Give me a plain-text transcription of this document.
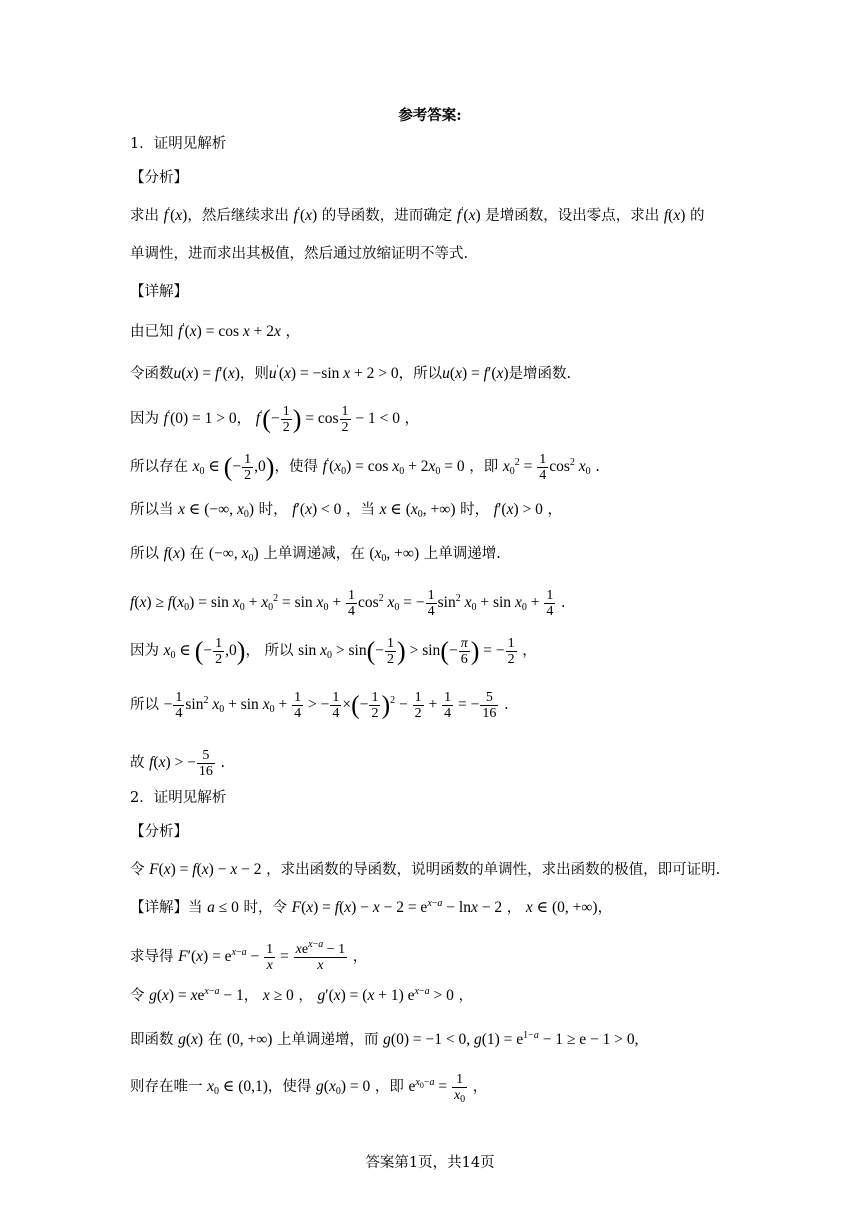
参考答案:
1．证明见解析
【分析】
求出 f′(x)，然后继续求出 f′(x) 的导函数，进而确定 f′(x) 是增函数，设出零点，求出 f(x) 的
单调性，进而求出其极值，然后通过放缩证明不等式.
【详解】
由已知 f′(x) = cos x + 2x ，
令函数u(x) = f′(x)，则u′(x) = −sin x + 2 > 0，所以u(x) = f′(x)是增函数.
因为 f′(0) = 1 > 0， $f'(- \frac{1}{2}$ ) = $\cos \frac{1}{2} - 1 < 0$ ，
所以存在 $x_0$ ∈ (− $\frac{1}{2} ,0$)，使得 $f'(x_0) = \cos x_0 + 2x_0 = 0$ ，即 $x_0^2 = \frac{1}{4} \cos^2 x_0$ .
所以当 x ∈ (−∞, $x_0$) 时， f′(x) < 0 ，当 x ∈ ($x_0$, +∞) 时， f′(x) > 0 ，
所以 f(x) 在 (−∞, $x_0$) 上单调递减，在 ($x_0$, +∞) 上单调递增.
$f(x) \ge f(x_0) = \sin x_0 + x_0^2 = \sin x_0 + \frac{1}{4} \cos^2 x_0$ = − $\frac{1}{4} \sin^2 x_0 + \sin x_0 + \frac{1}{4}$ .
因为 $x_0$ ∈ (− $\frac{1}{2} ,0$)， 所以 $\sin x_0 > \sin(- \frac{1}{2}$ ) > $\sin(- \frac{\pi}{6}$ ) = − $\frac{1}{2}$ ，
所以 − $\frac{1}{4} \sin^2 x_0 + \sin x_0 + \frac{1}{4}$ > − $\frac{1}{4}$ ×(− $\frac{1}{2} )^2 - \frac{1}{2} + \frac{1}{4}$ = − $\frac{5}{16}$ .
故 f(x) > − $\frac{5}{16}$ .
2．证明见解析
【分析】
令 F(x) = f(x) − x − 2 ，求出函数的导函数，说明函数的单调性，求出函数的极值，即可证明.
【详解】当 a ≤ 0 时，令 $F(x) = f(x) - x - 2 = e^{x-a} - \ln x - 2$ ， x ∈ (0, +∞)，
求导得 $F'(x) = e^{x-a} - \frac{1}{x} = \frac{xe^{x-a} - 1}{x}$ ，
令 $g(x) = xe^{x-a} - 1$， x ≥ 0 ， g′(x) = (x + 1) $e^{x-a} > 0$ ，
即函数 g(x) 在 (0, +∞) 上单调递增，而 g(0) = −1 < 0, $g(1) = e^{1-a} - 1 \ge e - 1 > 0$,
则存在唯一 $x_0$ ∈ (0,1)，使得 $g(x_0) = 0$ ，即 $e^{x_0-a} = \frac{1}{x_0}$ ，
答案第1页，共14页
